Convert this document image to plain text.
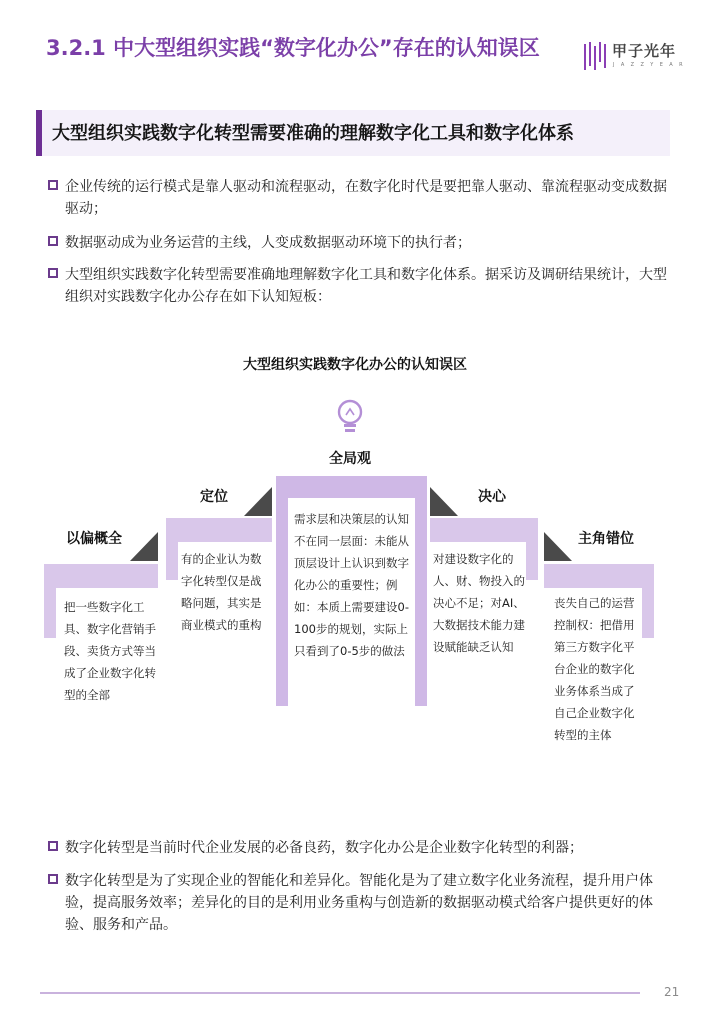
3.2.1 中大型组织实践“数字化办公”存在的认知误区	甲子光年
J A Z Z Y E A R
大型组织实践数字化转型需要准确的理解数字化工具和数字化体系
企业传统的运行模式是靠人驱动和流程驱动，在数字化时代是要把靠人驱动、靠流程驱动变成数据驱动；
数据驱动成为业务运营的主线，人变成数据驱动环境下的执行者；
大型组织实践数字化转型需要准确地理解数字化工具和数字化体系。据采访及调研结果统计，大型组织对实践数字化办公存在如下认知短板：
大型组织实践数字化办公的认知误区
以偏概全
定位
全局观
决心
主角错位
把一些数字化工具、数字化营销手段、卖货方式等当成了企业数字化转型的全部
有的企业认为数字化转型仅是战略问题，其实是商业模式的重构
需求层和决策层的认知不在同一层面：未能从顶层设计上认识到数字化办公的重要性；例如：本质上需要建设0-100步的规划，实际上只看到了0-5步的做法
对建设数字化的人、财、物投入的决心不足；对AI、大数据技术能力建设赋能缺乏认知
丧失自己的运营控制权：把借用第三方数字化平台企业的数字化业务体系当成了自己企业数字化转型的主体
数字化转型是当前时代企业发展的必备良药，数字化办公是企业数字化转型的利器；
数字化转型是为了实现企业的智能化和差异化。智能化是为了建立数字化业务流程，提升用户体验，提高服务效率；差异化的目的是利用业务重构与创造新的数据驱动模式给客户提供更好的体验、服务和产品。
21
